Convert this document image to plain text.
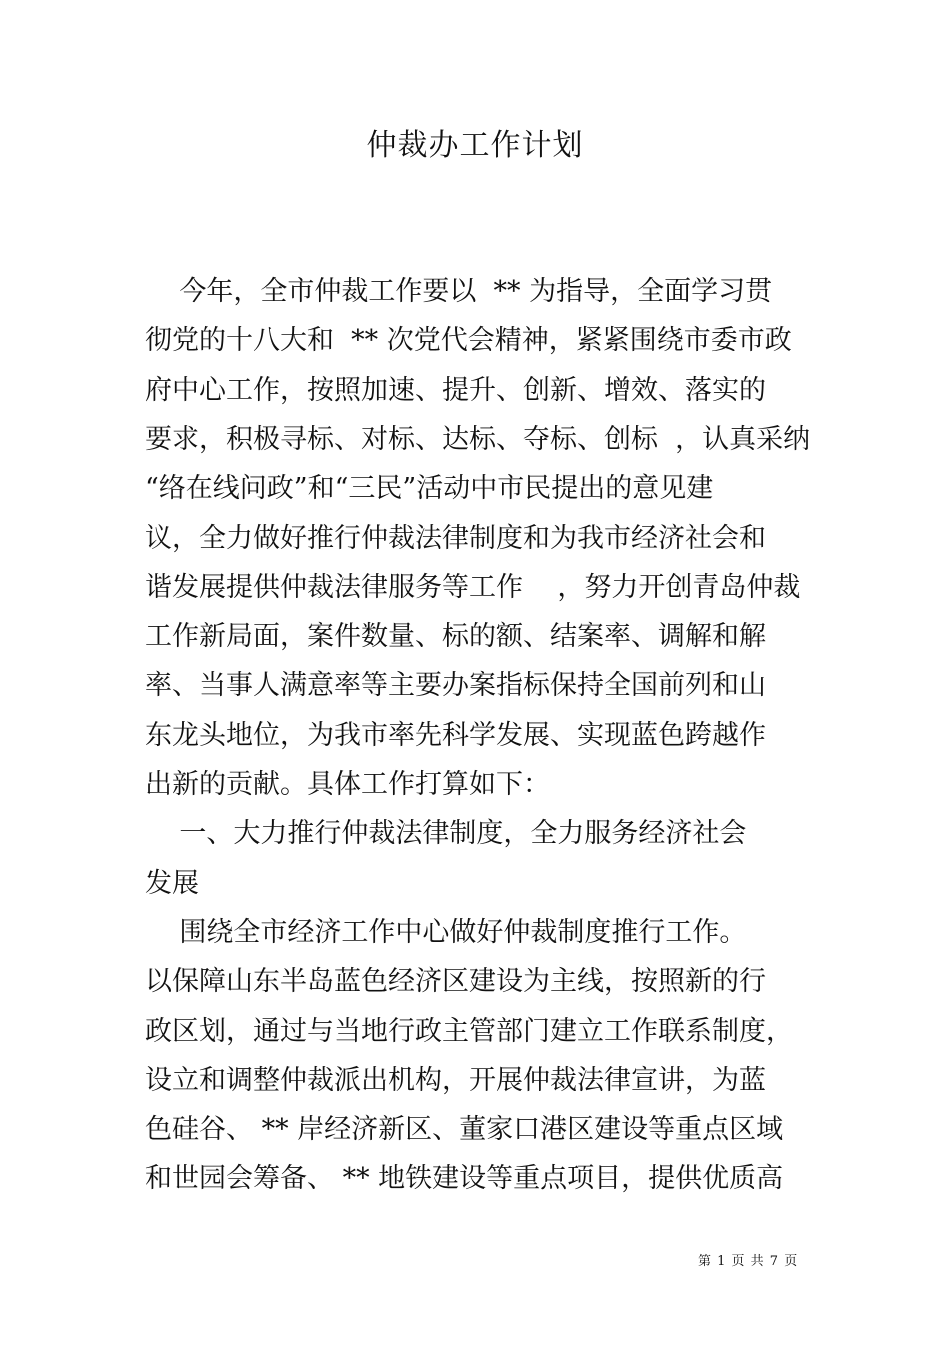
仲裁办工作计划

今年，全市仲裁工作要以  ** 为指导，全面学习贯

彻党的十八大和  ** 次党代会精神，紧紧围绕市委市政

府中心工作，按照加速、提升、创新、增效、落实的

要求，积极寻标、对标、达标、夺标、创标  ，认真采纳

“络在线问政”和“三民”活动中市民提出的意见建

议，全力做好推行仲裁法律制度和为我市经济社会和

谐发展提供仲裁法律服务等工作    ，努力开创青岛仲裁

工作新局面，案件数量、标的额、结案率、调解和解

率、当事人满意率等主要办案指标保持全国前列和山

东龙头地位，为我市率先科学发展、实现蓝色跨越作

出新的贡献。具体工作打算如下：

一、大力推行仲裁法律制度，全力服务经济社会

发展

围绕全市经济工作中心做好仲裁制度推行工作。

以保障山东半岛蓝色经济区建设为主线，按照新的行

政区划，通过与当地行政主管部门建立工作联系制度，

设立和调整仲裁派出机构，开展仲裁法律宣讲，为蓝

色硅谷、 ** 岸经济新区、董家口港区建设等重点区域

和世园会筹备、 ** 地铁建设等重点项目，提供优质高

第 1 页 共 7 页
